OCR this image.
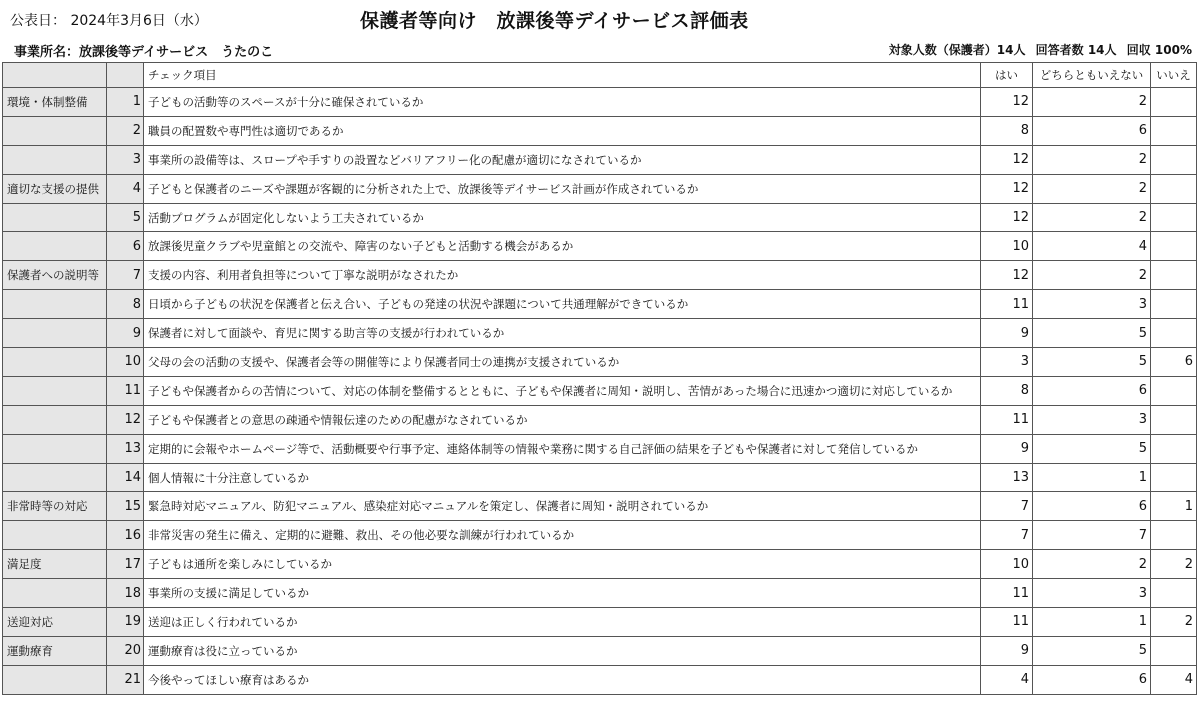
公表日： 2024年3月6日（水）	保護者等向け　放課後等デイサービス評価表
事業所名：放課後等デイサービス　うたのこ	対象人数（保護者）14人 回答者数 14人 回収 100%
		チェック項目	はい	どちらともいえない	いいえ
環境・体制整備	1	子どもの活動等のスペースが十分に確保されているか	12	2	
	2	職員の配置数や専門性は適切であるか	8	6	
	3	事業所の設備等は、スロープや手すりの設置などバリアフリー化の配慮が適切になされているか	12	2	
適切な支援の提供	4	子どもと保護者のニーズや課題が客観的に分析された上で、放課後等デイサービス計画が作成されているか	12	2	
	5	活動プログラムが固定化しないよう工夫されているか	12	2	
	6	放課後児童クラブや児童館との交流や、障害のない子どもと活動する機会があるか	10	4	
保護者への説明等	7	支援の内容、利用者負担等について丁寧な説明がなされたか	12	2	
	8	日頃から子どもの状況を保護者と伝え合い、子どもの発達の状況や課題について共通理解ができているか	11	3	
	9	保護者に対して面談や、育児に関する助言等の支援が行われているか	9	5	
	10	父母の会の活動の支援や、保護者会等の開催等により保護者同士の連携が支援されているか	3	5	6
	11	子どもや保護者からの苦情について、対応の体制を整備するとともに、子どもや保護者に周知・説明し、苦情があった場合に迅速かつ適切に対応しているか	8	6	
	12	子どもや保護者との意思の疎通や情報伝達のための配慮がなされているか	11	3	
	13	定期的に会報やホームページ等で、活動概要や行事予定、連絡体制等の情報や業務に関する自己評価の結果を子どもや保護者に対して発信しているか	9	5	
	14	個人情報に十分注意しているか	13	1	
非常時等の対応	15	緊急時対応マニュアル、防犯マニュアル、感染症対応マニュアルを策定し、保護者に周知・説明されているか	7	6	1
	16	非常災害の発生に備え、定期的に避難、救出、その他必要な訓練が行われているか	7	7	
満足度	17	子どもは通所を楽しみにしているか	10	2	2
	18	事業所の支援に満足しているか	11	3	
送迎対応	19	送迎は正しく行われているか	11	1	2
運動療育	20	運動療育は役に立っているか	9	5	
	21	今後やってほしい療育はあるか	4	6	4
